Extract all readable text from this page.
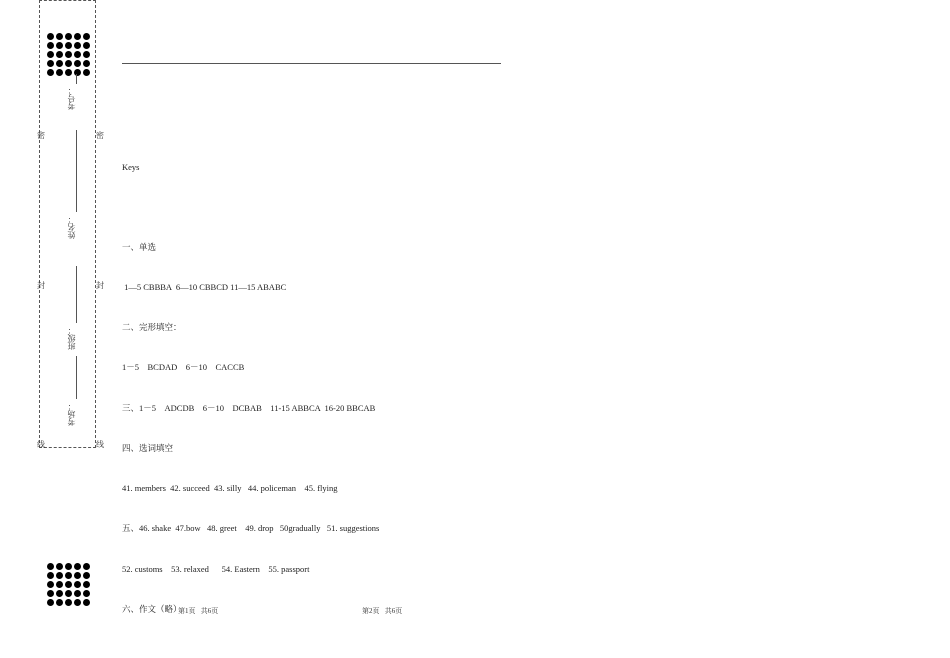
密	密
封	封
线	线
考号：
姓名：
班级：
考场：
Keys

一、单选

1—5 CBBBA  6—10 CBBCD 11—15 ABABC

二、完形填空：

1－5    BCDAD    6－10    CACCB

三、1－5    ADCDB    6－10    DCBAB    11-15 ABBCA  16-20 BBCAB

四、选词填空

41. members  42. succeed  43. silly   44. policeman    45. flying

五、46. shake  47.bow   48. greet    49. drop   50gradually   51. suggestions

52. customs    53. relaxed      54. Eastern    55. passport

六、作文（略）

第1页   共6页	第2页   共6页
